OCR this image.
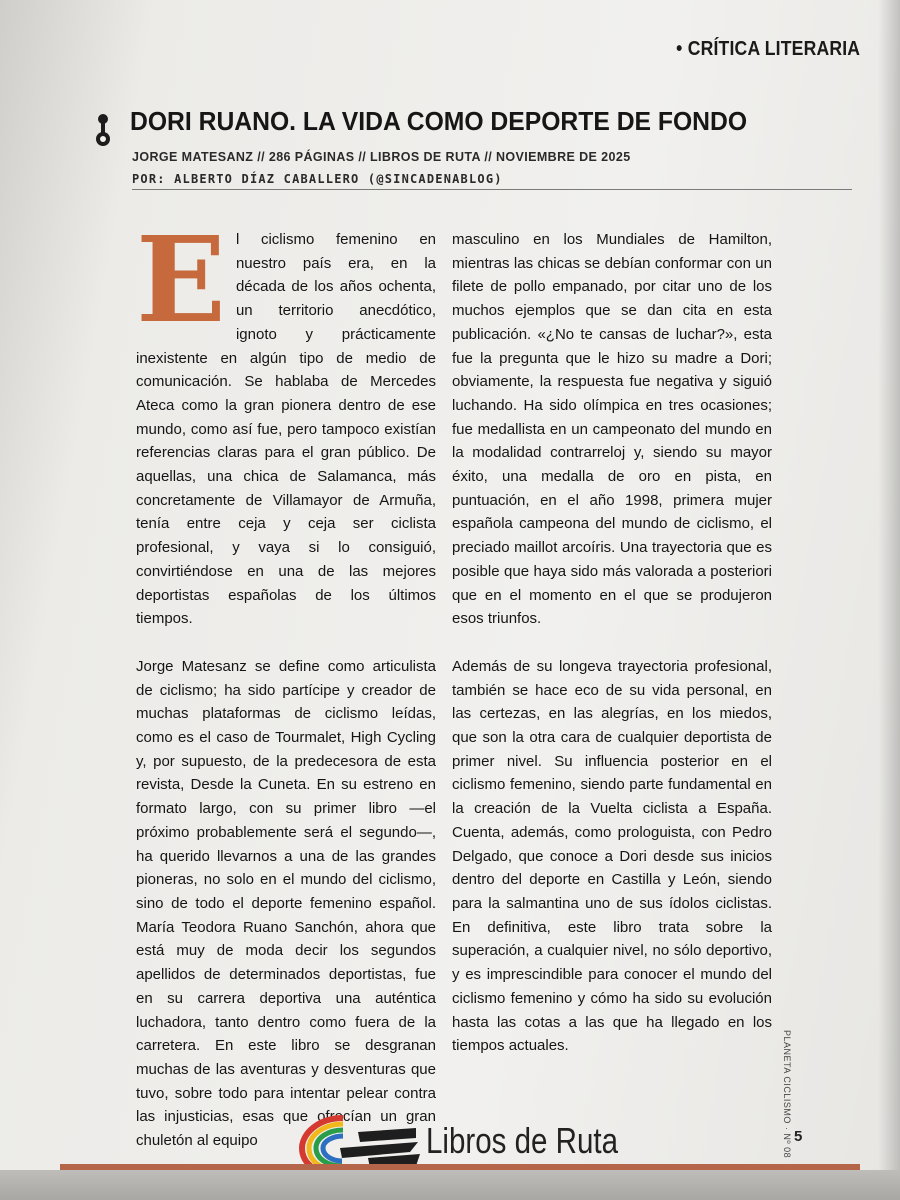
• CRÍTICA LITERARIA
DORI RUANO. LA VIDA COMO DEPORTE DE FONDO
JORGE MATESANZ // 286 PÁGINAS // LIBROS DE RUTA // NOVIEMBRE DE 2025
POR: ALBERTO DÍAZ CABALLERO (@SINCADENABLOG)

El ciclismo femenino en nuestro país era, en la década de los años ochenta, un territorio anecdótico, ignoto y prácticamente inexistente en algún tipo de medio de comunicación. Se hablaba de Mercedes Ateca como la gran pionera dentro de ese mundo, como así fue, pero tampoco existían referencias claras para el gran público. De aquellas, una chica de Salamanca, más concretamente de Villamayor de Armuña, tenía entre ceja y ceja ser ciclista profesional, y vaya si lo consiguió, convirtiéndose en una de las mejores deportistas españolas de los últimos tiempos.

Jorge Matesanz se define como articulista de ciclismo; ha sido partícipe y creador de muchas plataformas de ciclismo leídas, como es el caso de Tourmalet, High Cycling y, por supuesto, de la predecesora de esta revista, Desde la Cuneta. En su estreno en formato largo, con su primer libro —el próximo probablemente será el segundo—, ha querido llevarnos a una de las grandes pioneras, no solo en el mundo del ciclismo, sino de todo el deporte femenino español. María Teodora Ruano Sanchón, ahora que está muy de moda decir los segundos apellidos de determinados deportistas, fue en su carrera deportiva una auténtica luchadora, tanto dentro como fuera de la carretera. En este libro se desgranan muchas de las aventuras y desventuras que tuvo, sobre todo para intentar pelear contra las injusticias, esas que ofrecían un gran chuletón al equipo

masculino en los Mundiales de Hamilton, mientras las chicas se debían conformar con un filete de pollo empanado, por citar uno de los muchos ejemplos que se dan cita en esta publicación. «¿No te cansas de luchar?», esta fue la pregunta que le hizo su madre a Dori; obviamente, la respuesta fue negativa y siguió luchando. Ha sido olímpica en tres ocasiones; fue medallista en un campeonato del mundo en la modalidad contrarreloj y, siendo su mayor éxito, una medalla de oro en pista, en puntuación, en el año 1998, primera mujer española campeona del mundo de ciclismo, el preciado maillot arcoíris. Una trayectoria que es posible que haya sido más valorada a posteriori que en el momento en el que se produjeron esos triunfos.

Además de su longeva trayectoria profesional, también se hace eco de su vida personal, en las certezas, en las alegrías, en los miedos, que son la otra cara de cualquier deportista de primer nivel. Su influencia posterior en el ciclismo femenino, siendo parte fundamental en la creación de la Vuelta ciclista a España. Cuenta, además, como prologuista, con Pedro Delgado, que conoce a Dori desde sus inicios dentro del deporte en Castilla y León, siendo para la salmantina uno de sus ídolos ciclistas. En definitiva, este libro trata sobre la superación, a cualquier nivel, no sólo deportivo, y es imprescindible para conocer el mundo del ciclismo femenino y cómo ha sido su evolución hasta las cotas a las que ha llegado en los tiempos actuales.	PLANETA CICLISMO · Nº 08 5
Libros de Ruta
